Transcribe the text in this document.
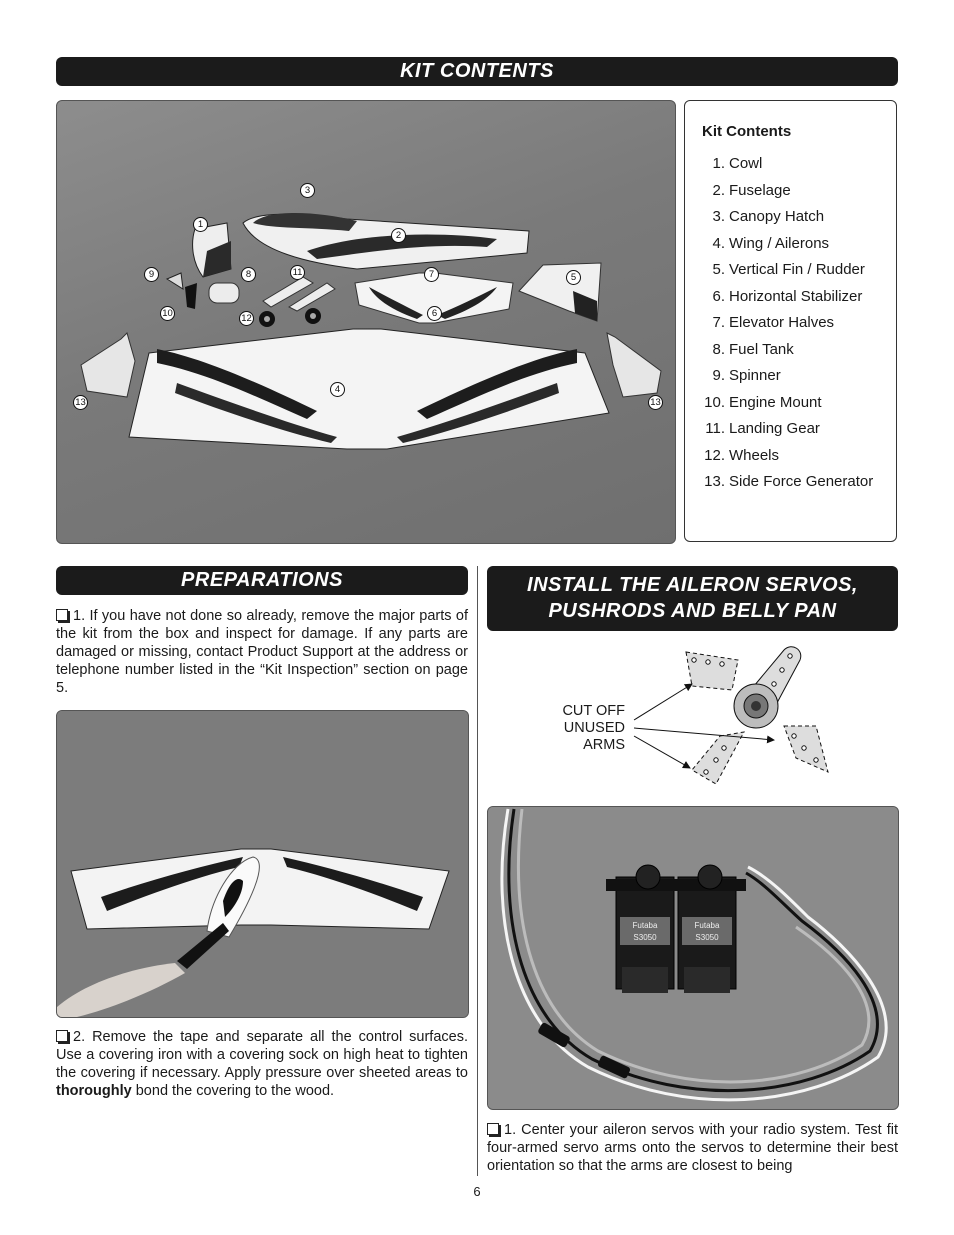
KIT CONTENTS
1
2
3
4
5
6
7
8
9
10
11
12
13	13
Kit Contents
1. Cowl
2. Fuselage
3. Canopy Hatch
4. Wing / Ailerons
5. Vertical Fin / Rudder
6. Horizontal Stabilizer
7. Elevator Halves
8. Fuel Tank
9. Spinner
10. Engine Mount
11. Landing Gear
12. Wheels
13. Side Force Generator
PREPARATIONS
1. If you have not done so already, remove the major parts of the kit from the box and inspect for damage. If any parts are damaged or missing, contact Product Support at the address or telephone number listed in the “Kit Inspection” section on page 5.
2. Remove the tape and separate all the control surfaces. Use a covering iron with a covering sock on high heat to tighten the covering if necessary. Apply pressure over sheeted areas to thoroughly bond the covering to the wood.
INSTALL THE AILERON SERVOS,
PUSHRODS AND BELLY PAN
CUT OFF
UNUSED
ARMS
Futaba
S3050
Futaba
S3050
1. Center your aileron servos with your radio system. Test fit four-armed servo arms onto the servos to determine their best orientation so that the arms are closest to being
6
